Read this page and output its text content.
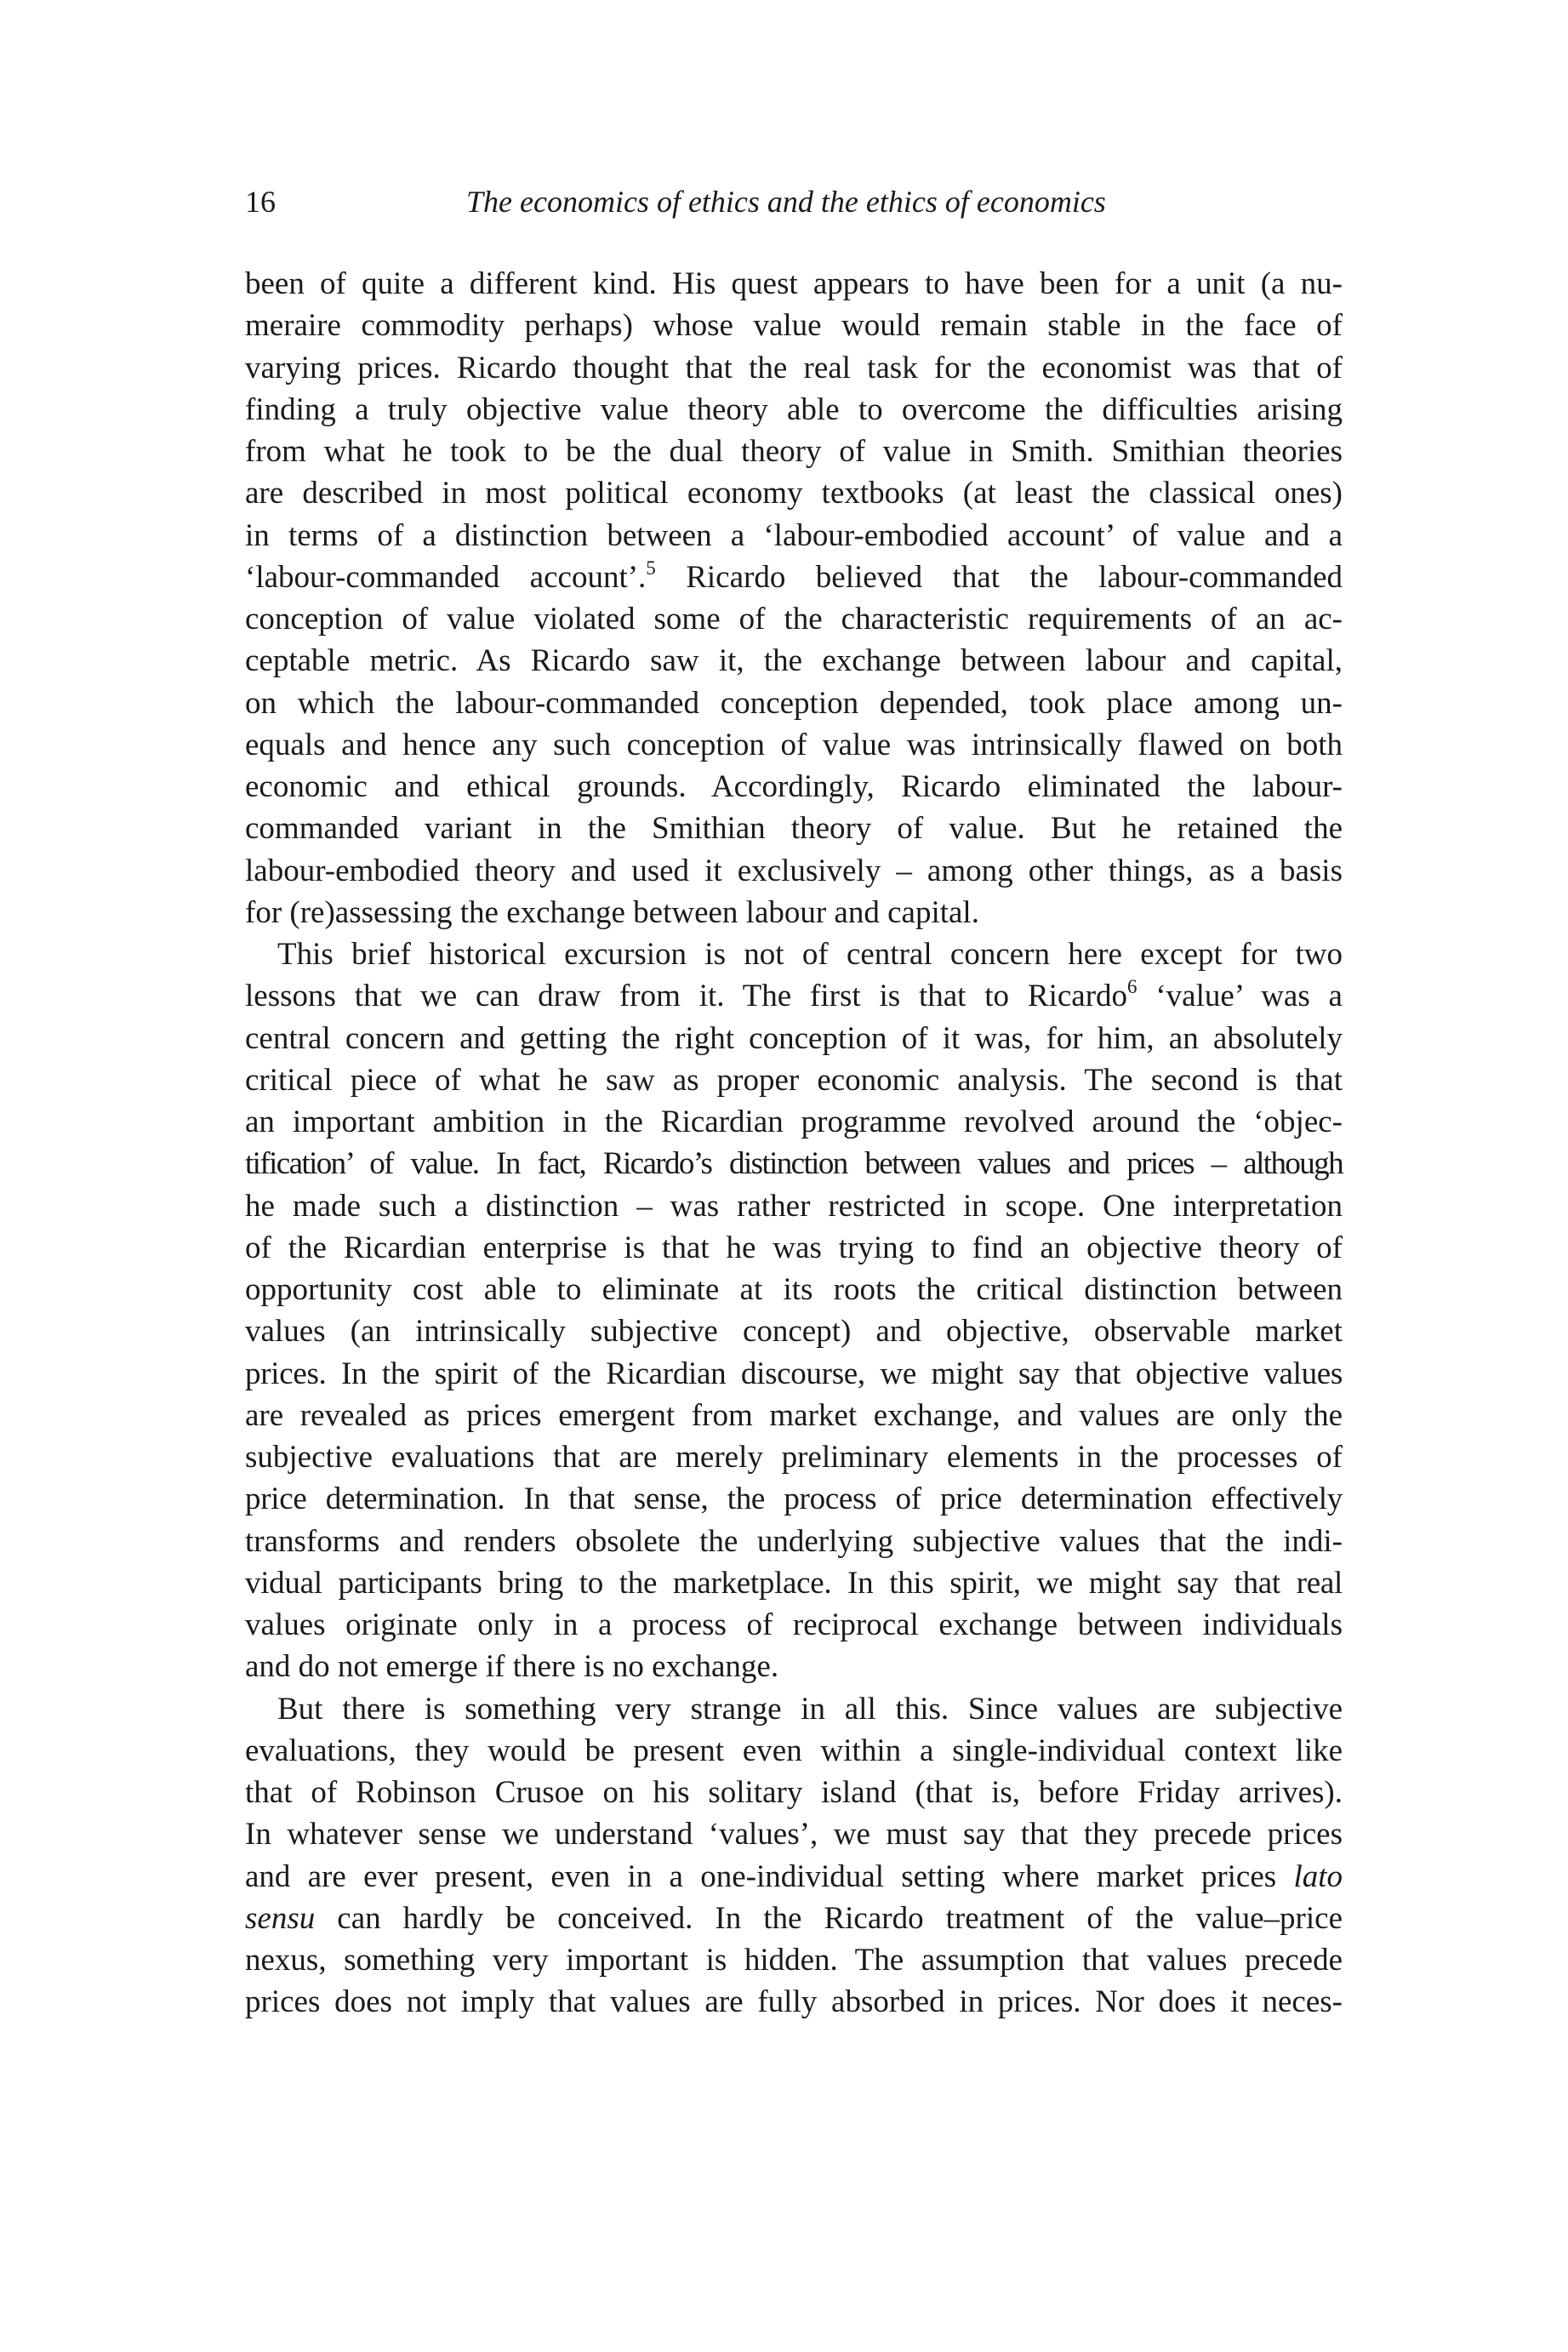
16	The economics of ethics and the ethics of economics
been of quite a different kind. His quest appears to have been for a unit (a nu-
meraire commodity perhaps) whose value would remain stable in the face of
varying prices. Ricardo thought that the real task for the economist was that of
finding a truly objective value theory able to overcome the difficulties arising
from what he took to be the dual theory of value in Smith. Smithian theories
are described in most political economy textbooks (at least the classical ones)
in terms of a distinction between a ‘labour-embodied account’ of value and a
‘labour-commanded account’.$^5$ Ricardo believed that the labour-commanded
conception of value violated some of the characteristic requirements of an ac-
ceptable metric. As Ricardo saw it, the exchange between labour and capital,
on which the labour-commanded conception depended, took place among un-
equals and hence any such conception of value was intrinsically flawed on both
economic and ethical grounds. Accordingly, Ricardo eliminated the labour-
commanded variant in the Smithian theory of value. But he retained the
labour-embodied theory and used it exclusively – among other things, as a basis
for (re)assessing the exchange between labour and capital.
This brief historical excursion is not of central concern here except for two
lessons that we can draw from it. The first is that to Ricardo$^6$ ‘value’ was a
central concern and getting the right conception of it was, for him, an absolutely
critical piece of what he saw as proper economic analysis. The second is that
an important ambition in the Ricardian programme revolved around the ‘objec-
tification’ of value. In fact, Ricardo’s distinction between values and prices – although
he made such a distinction – was rather restricted in scope. One interpretation
of the Ricardian enterprise is that he was trying to find an objective theory of
opportunity cost able to eliminate at its roots the critical distinction between
values (an intrinsically subjective concept) and objective, observable market
prices. In the spirit of the Ricardian discourse, we might say that objective values
are revealed as prices emergent from market exchange, and values are only the
subjective evaluations that are merely preliminary elements in the processes of
price determination. In that sense, the process of price determination effectively
transforms and renders obsolete the underlying subjective values that the indi-
vidual participants bring to the marketplace. In this spirit, we might say that real
values originate only in a process of reciprocal exchange between individuals
and do not emerge if there is no exchange.
But there is something very strange in all this. Since values are subjective
evaluations, they would be present even within a single-individual context like
that of Robinson Crusoe on his solitary island (that is, before Friday arrives).
In whatever sense we understand ‘values’, we must say that they precede prices
and are ever present, even in a one-individual setting where market prices lato
sensu can hardly be conceived. In the Ricardo treatment of the value–price
nexus, something very important is hidden. The assumption that values precede
prices does not imply that values are fully absorbed in prices. Nor does it neces-
